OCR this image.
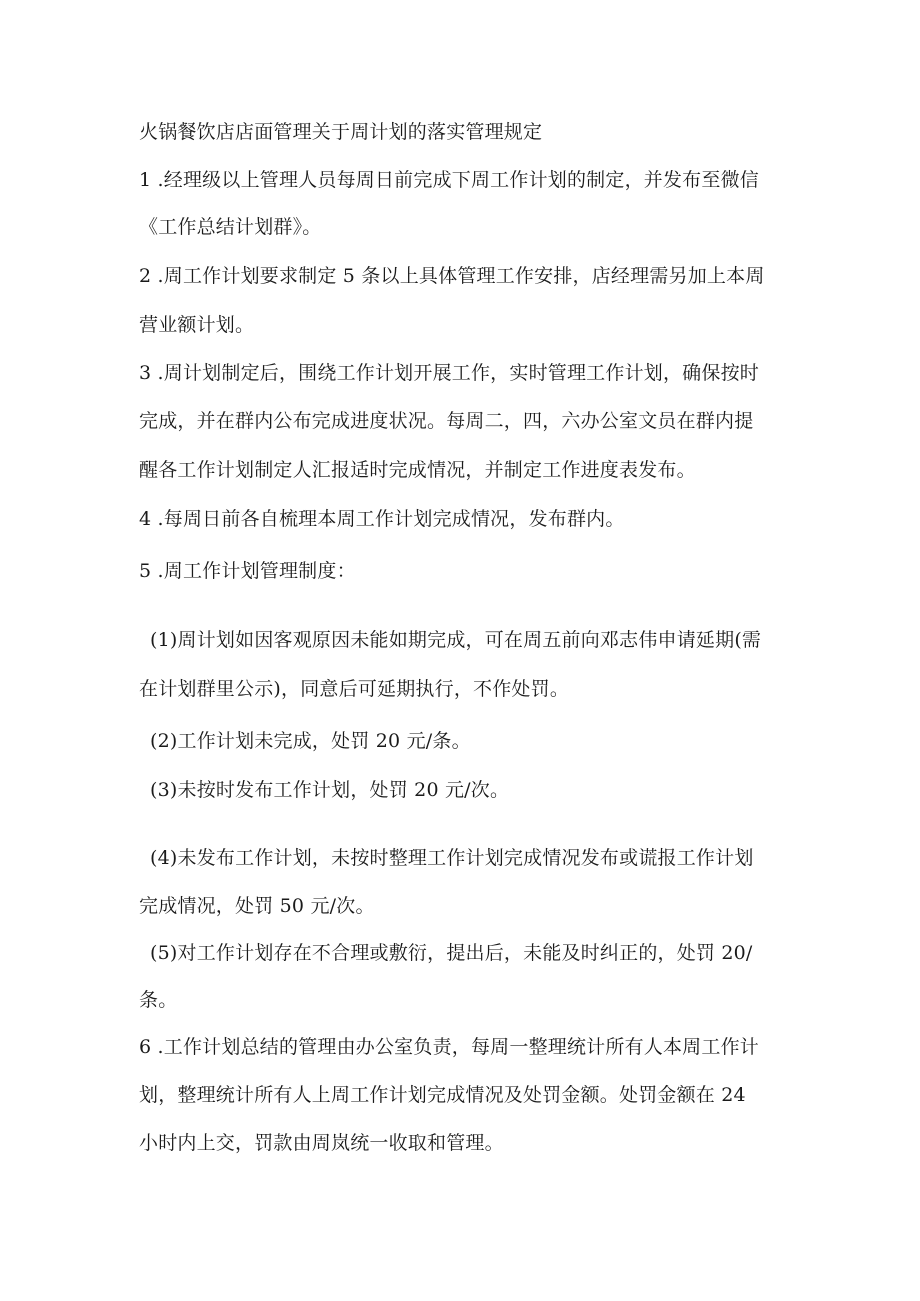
火锅餐饮店店面管理关于周计划的落实管理规定
1 .经理级以上管理人员每周日前完成下周工作计划的制定，并发布至微信
《工作总结计划群》。
2 .周工作计划要求制定 5 条以上具体管理工作安排，店经理需另加上本周
营业额计划。
3 .周计划制定后，围绕工作计划开展工作，实时管理工作计划，确保按时
完成，并在群内公布完成进度状况。每周二，四，六办公室文员在群内提
醒各工作计划制定人汇报适时完成情况，并制定工作进度表发布。
4 .每周日前各自梳理本周工作计划完成情况，发布群内。
5 .周工作计划管理制度：
(1)周计划如因客观原因未能如期完成，可在周五前向邓志伟申请延期(需
在计划群里公示)，同意后可延期执行，不作处罚。
(2)工作计划未完成，处罚 20 元/条。
(3)未按时发布工作计划，处罚 20 元/次。
(4)未发布工作计划，未按时整理工作计划完成情况发布或谎报工作计划
完成情况，处罚 50 元/次。
(5)对工作计划存在不合理或敷衍，提出后，未能及时纠正的，处罚 20/
条。
6 .工作计划总结的管理由办公室负责，每周一整理统计所有人本周工作计
划，整理统计所有人上周工作计划完成情况及处罚金额。处罚金额在 24
小时内上交，罚款由周岚统一收取和管理。
